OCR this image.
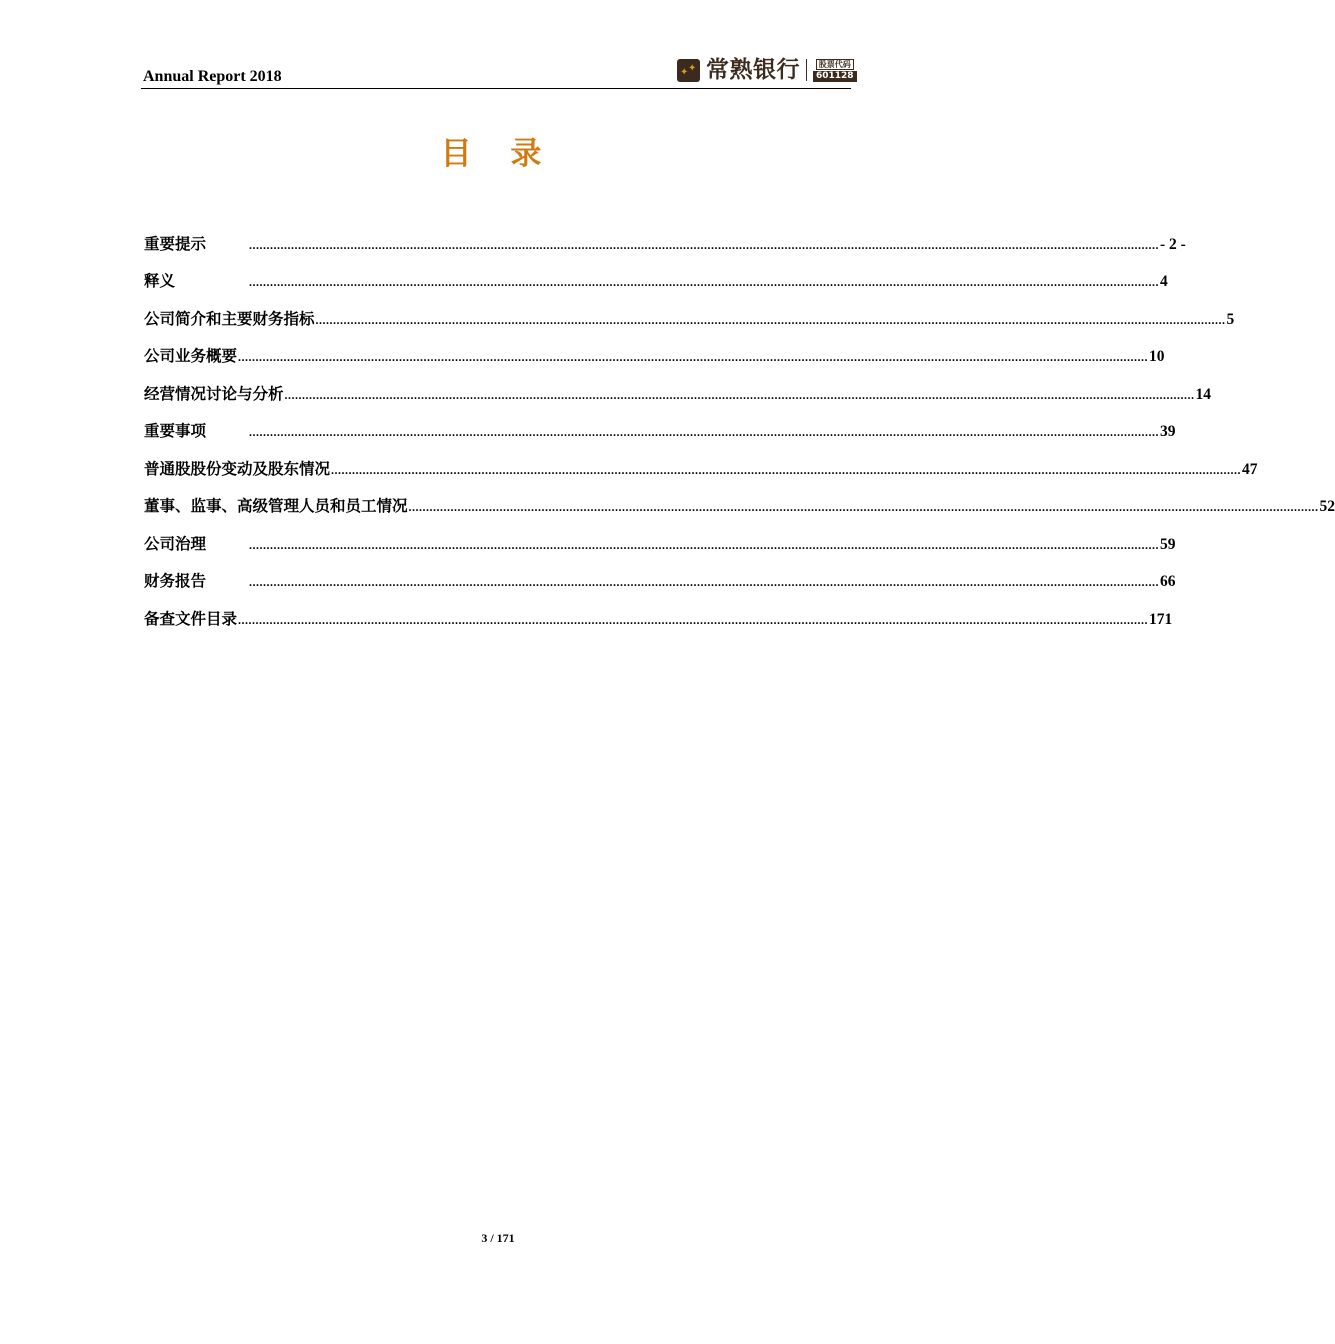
Annual Report 2018	✦ ✦ 常熟银行	股票代码
601128
目 录
重要提示	.................................................................................................................................................................................................................................................................... - 2 -
释义	.................................................................................................................................................................................................................................................................... 4
公司简介和主要财务指标 .................................................................................................................................................................................................................................................................... 5
公司业务概要 .................................................................................................................................................................................................................................................................... 10
经营情况讨论与分析 .................................................................................................................................................................................................................................................................... 14
重要事项	.................................................................................................................................................................................................................................................................... 39
普通股股份变动及股东情况 .................................................................................................................................................................................................................................................................... 47
董事、监事、高级管理人员和员工情况 .................................................................................................................................................................................................................................................................... 52
公司治理	.................................................................................................................................................................................................................................................................... 59
财务报告	.................................................................................................................................................................................................................................................................... 66
备查文件目录 .................................................................................................................................................................................................................................................................... 171
3 / 171
